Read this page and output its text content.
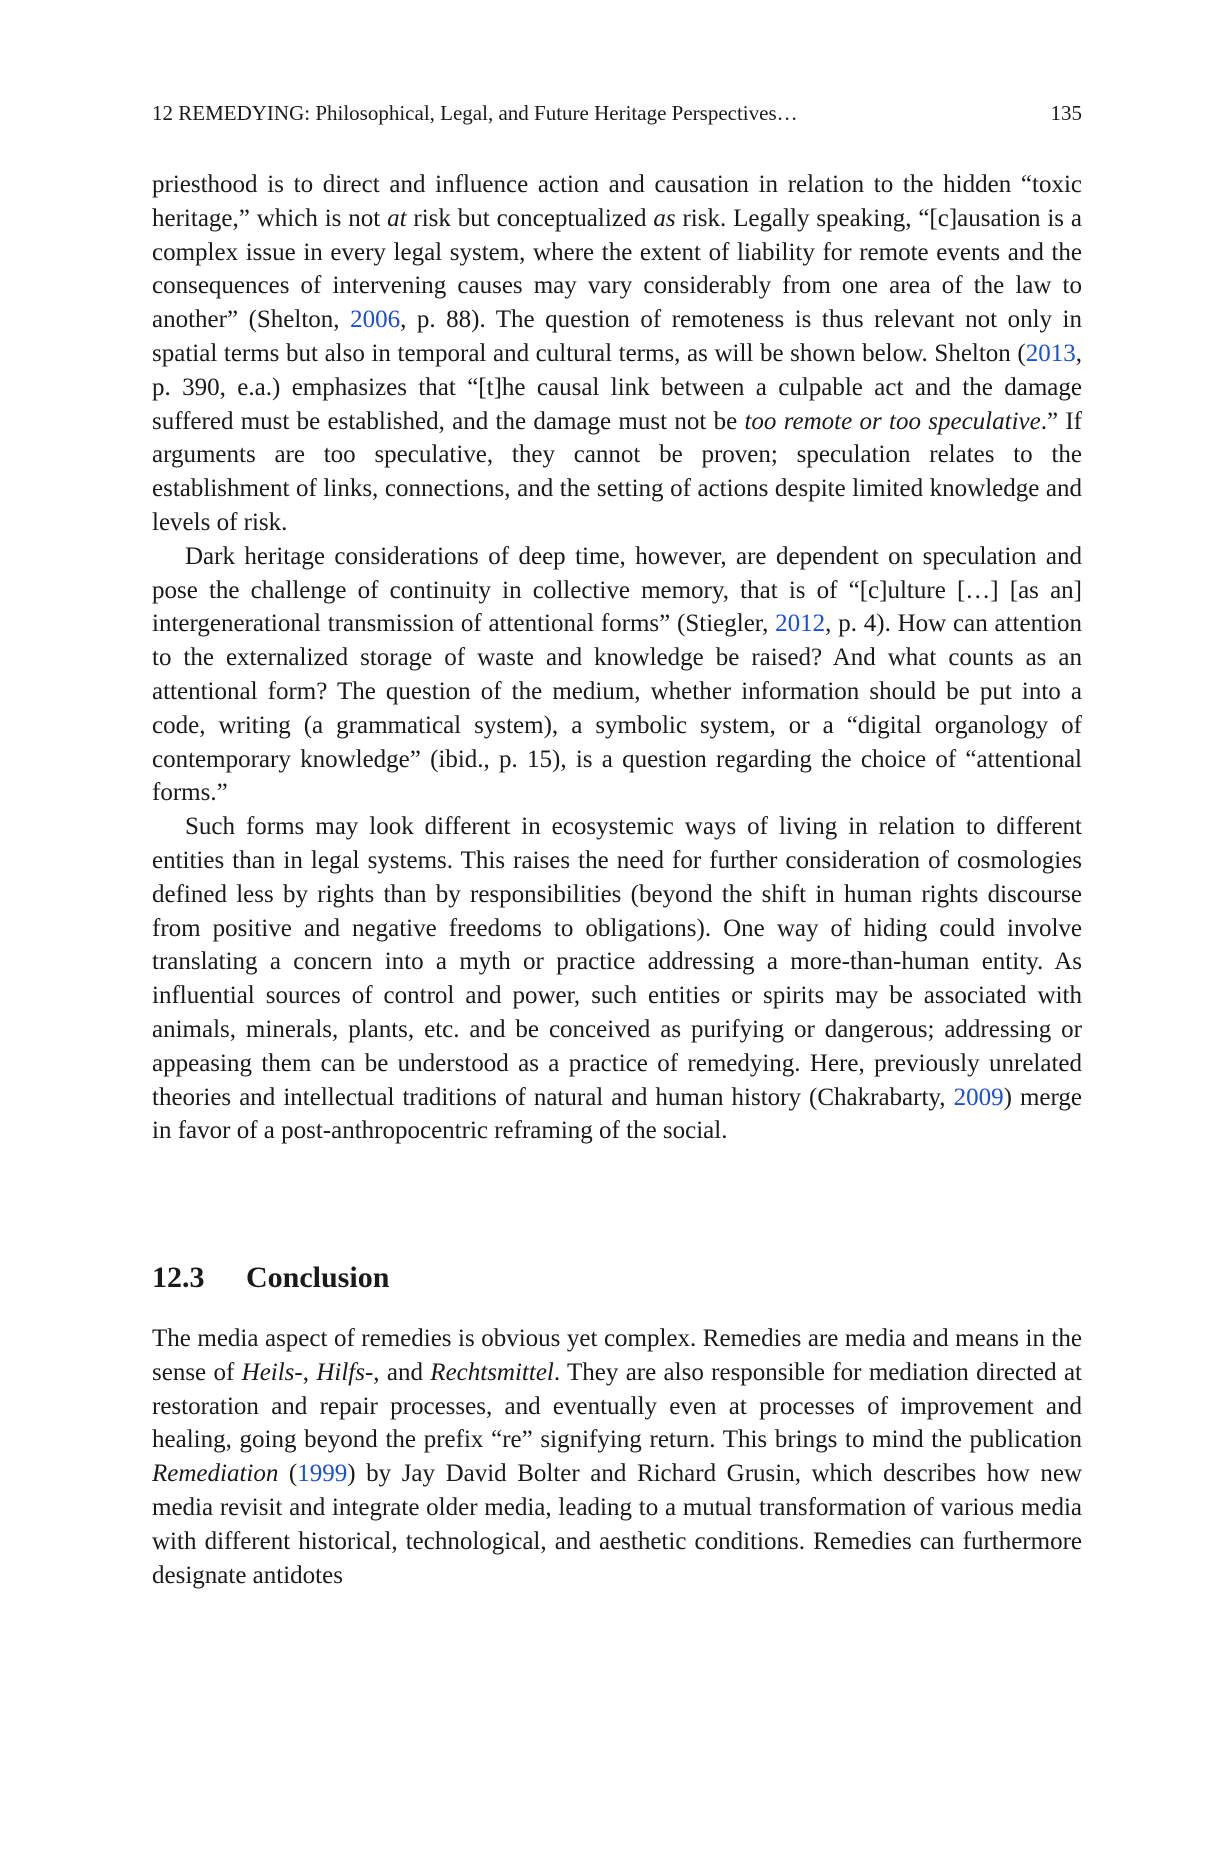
12 REMEDYING: Philosophical, Legal, and Future Heritage Perspectives…	135

priesthood is to direct and influence action and causation in relation to the hidden “toxic heritage,” which is not at risk but conceptualized as risk. Legally speaking, “[c]ausation is a complex issue in every legal system, where the extent of liability for remote events and the consequences of intervening causes may vary considerably from one area of the law to another” (Shelton, 2006, p. 88). The question of remoteness is thus relevant not only in spatial terms but also in temporal and cultural terms, as will be shown below. Shelton (2013, p. 390, e.a.) emphasizes that “[t]he causal link between a culpable act and the damage suffered must be established, and the damage must not be too remote or too speculative.” If arguments are too speculative, they cannot be proven; speculation relates to the establishment of links, connections, and the setting of actions despite limited knowledge and levels of risk.

Dark heritage considerations of deep time, however, are dependent on speculation and pose the challenge of continuity in collective memory, that is of “[c]ulture […] [as an] intergenerational transmission of attentional forms” (Stiegler, 2012, p. 4). How can attention to the externalized storage of waste and knowledge be raised? And what counts as an attentional form? The question of the medium, whether information should be put into a code, writing (a grammatical system), a symbolic system, or a “digital organology of contemporary knowledge” (ibid., p. 15), is a question regarding the choice of “attentional forms.”

Such forms may look different in ecosystemic ways of living in relation to different entities than in legal systems. This raises the need for further consideration of cosmologies defined less by rights than by responsibilities (beyond the shift in human rights discourse from positive and negative freedoms to obligations). One way of hiding could involve translating a concern into a myth or practice addressing a more-than-human entity. As influential sources of control and power, such entities or spirits may be associated with animals, minerals, plants, etc. and be conceived as purifying or dangerous; addressing or appeasing them can be understood as a practice of remedying. Here, previously unrelated theories and intellectual traditions of natural and human history (Chakrabarty, 2009) merge in favor of a post-anthropocentric reframing of the social.

12.3 Conclusion

The media aspect of remedies is obvious yet complex. Remedies are media and means in the sense of Heils-, Hilfs-, and Rechtsmittel. They are also responsible for mediation directed at restoration and repair processes, and eventually even at processes of improvement and healing, going beyond the prefix “re” signifying return. This brings to mind the publication Remediation (1999) by Jay David Bolter and Richard Grusin, which describes how new media revisit and integrate older media, leading to a mutual transformation of various media with different historical, technological, and aesthetic conditions. Remedies can furthermore designate antidotes
